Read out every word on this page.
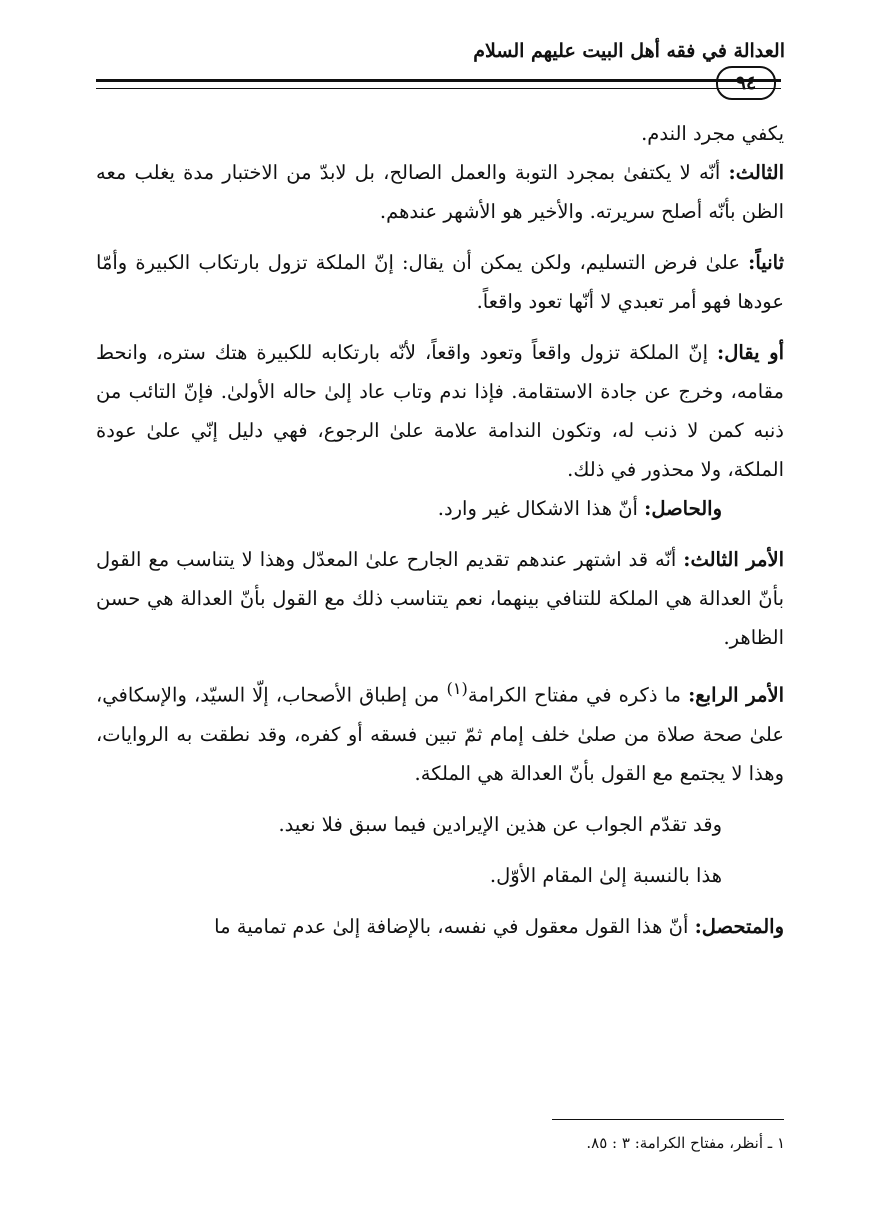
العدالة في فقه أهل البيت عليهم السلام
٩٤

يكفي مجرد الندم.

الثالث: أنّه لا يكتفىٰ بمجرد التوبة والعمل الصالح، بل لابدّ من الاختبار مدة يغلب معه الظن بأنّه أصلح سريرته. والأخير هو الأشهر عندهم.

ثانياً: علىٰ فرض التسليم، ولكن يمكن أن يقال: إنّ الملكة تزول بارتكاب الكبيرة وأمّا عودها فهو أمر تعبدي لا أنّها تعود واقعاً.

أو يقال: إنّ الملكة تزول واقعاً وتعود واقعاً، لأنّه بارتكابه للكبيرة هتك ستره، وانحط مقامه، وخرج عن جادة الاستقامة. فإذا ندم وتاب عاد إلىٰ حاله الأولىٰ. فإنّ التائب من ذنبه كمن لا ذنب له، وتكون الندامة علامة علىٰ الرجوع، فهي دليل إنّي علىٰ عودة الملكة، ولا محذور في ذلك.

والحاصل: أنّ هذا الاشكال غير وارد.

الأمر الثالث: أنّه قد اشتهر عندهم تقديم الجارح علىٰ المعدّل وهذا لا يتناسب مع القول بأنّ العدالة هي الملكة للتنافي بينهما، نعم يتناسب ذلك مع القول بأنّ العدالة هي حسن الظاهر.

الأمر الرابع: ما ذكره في مفتاح الكرامة$^{(١)}$ من إطباق الأصحاب، إلّا السيّد، والإسكافي، علىٰ صحة صلاة من صلىٰ خلف إمام ثمّ تبين فسقه أو كفره، وقد نطقت به الروايات، وهذا لا يجتمع مع القول بأنّ العدالة هي الملكة.

وقد تقدّم الجواب عن هذين الإيرادين فيما سبق فلا نعيد.

هذا بالنسبة إلىٰ المقام الأوّل.

والمتحصل: أنّ هذا القول معقول في نفسه، بالإضافة إلىٰ عدم تمامية ما

١ ـ أنظر، مفتاح الكرامة: ٣ : ٨٥.
